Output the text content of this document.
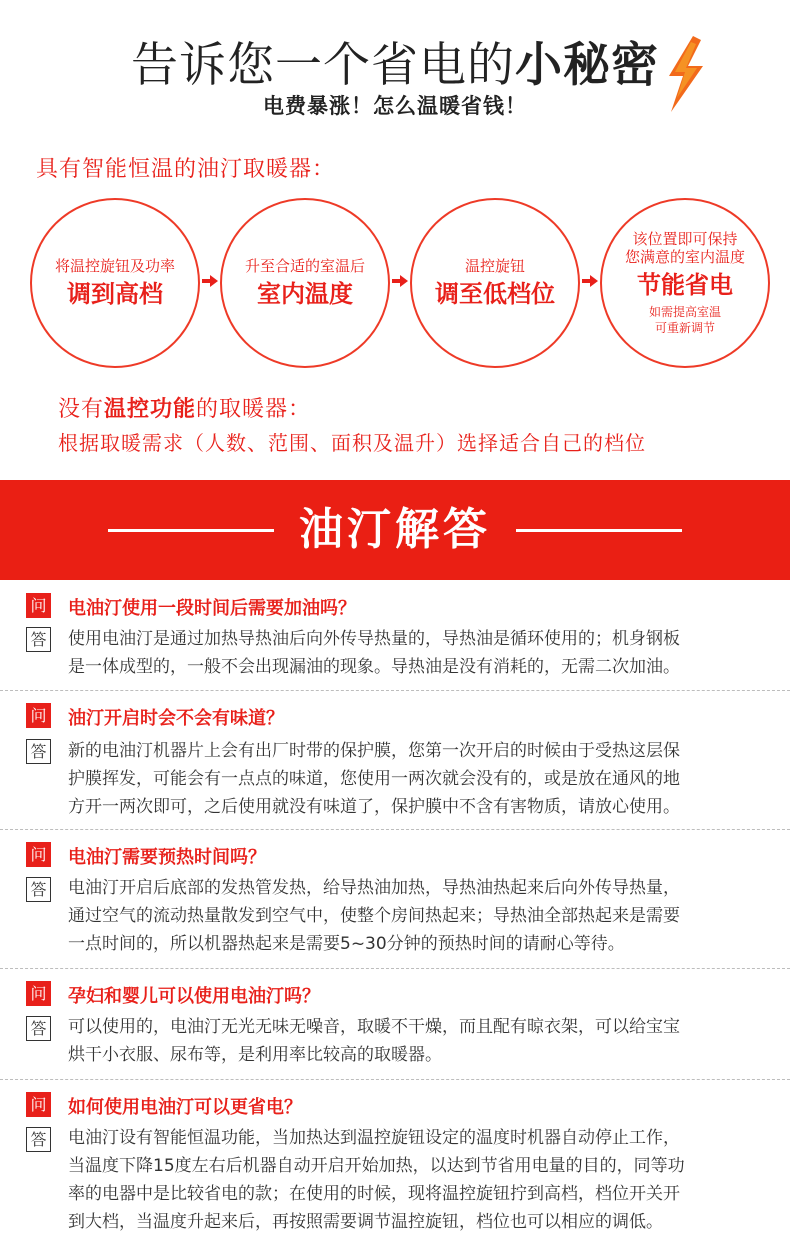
告诉您一个省电的小秘密
电费暴涨！怎么温暖省钱！
具有智能恒温的油汀取暖器：
将温控旋钮及功率
调到高档
升至合适的室温后
室内温度
温控旋钮
调至低档位
该位置即可保持
您满意的室内温度
节能省电
如需提高室温
可重新调节
没有温控功能的取暖器：
根据取暖需求（人数、范围、面积及温升）选择适合自己的档位
油汀解答
问 电油汀使用一段时间后需要加油吗？
答 使用电油汀是通过加热导热油后向外传导热量的，导热油是循环使用的；机身钢板
是一体成型的，一般不会出现漏油的现象。导热油是没有消耗的，无需二次加油。
问 油汀开启时会不会有味道？
答 新的电油汀机器片上会有出厂时带的保护膜，您第一次开启的时候由于受热这层保
护膜挥发，可能会有一点点的味道，您使用一两次就会没有的，或是放在通风的地
方开一两次即可，之后使用就没有味道了，保护膜中不含有害物质，请放心使用。
问 电油汀需要预热时间吗？
答 电油汀开启后底部的发热管发热，给导热油加热，导热油热起来后向外传导热量，
通过空气的流动热量散发到空气中，使整个房间热起来；导热油全部热起来是需要
一点时间的，所以机器热起来是需要5~30分钟的预热时间的请耐心等待。
问 孕妇和婴儿可以使用电油汀吗？
答 可以使用的，电油汀无光无味无噪音，取暖不干燥，而且配有晾衣架，可以给宝宝
烘干小衣服、尿布等，是利用率比较高的取暖器。
问 如何使用电油汀可以更省电？
答 电油汀设有智能恒温功能，当加热达到温控旋钮设定的温度时机器自动停止工作，
当温度下降15度左右后机器自动开启开始加热，以达到节省用电量的目的，同等功
率的电器中是比较省电的款；在使用的时候，现将温控旋钮拧到高档，档位开关开
到大档，当温度升起来后，再按照需要调节温控旋钮，档位也可以相应的调低。
